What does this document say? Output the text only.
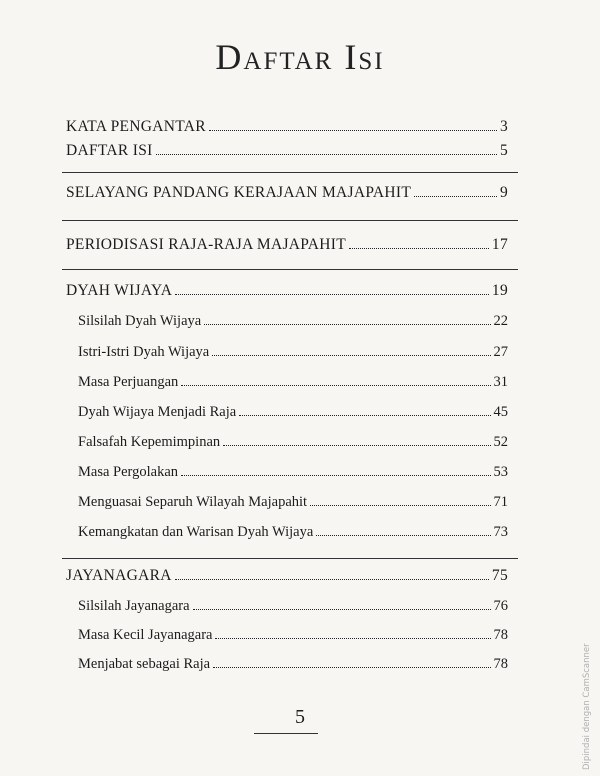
Daftar Isi
KATA PENGANTAR	3
DAFTAR ISI	5
SELAYANG PANDANG KERAJAAN MAJAPAHIT	9
PERIODISASI RAJA-RAJA MAJAPAHIT	17
DYAH WIJAYA	19
Silsilah Dyah Wijaya	22
Istri-Istri Dyah Wijaya	27
Masa Perjuangan	31
Dyah Wijaya Menjadi Raja	45
Falsafah Kepemimpinan	52
Masa Pergolakan	53
Menguasai Separuh Wilayah Majapahit	71
Kemangkatan dan Warisan Dyah Wijaya	73
JAYANAGARA	75
Silsilah Jayanagara	76
Masa Kecil Jayanagara	78
Menjabat sebagai Raja	78
5	Dipindai dengan CamScanner
